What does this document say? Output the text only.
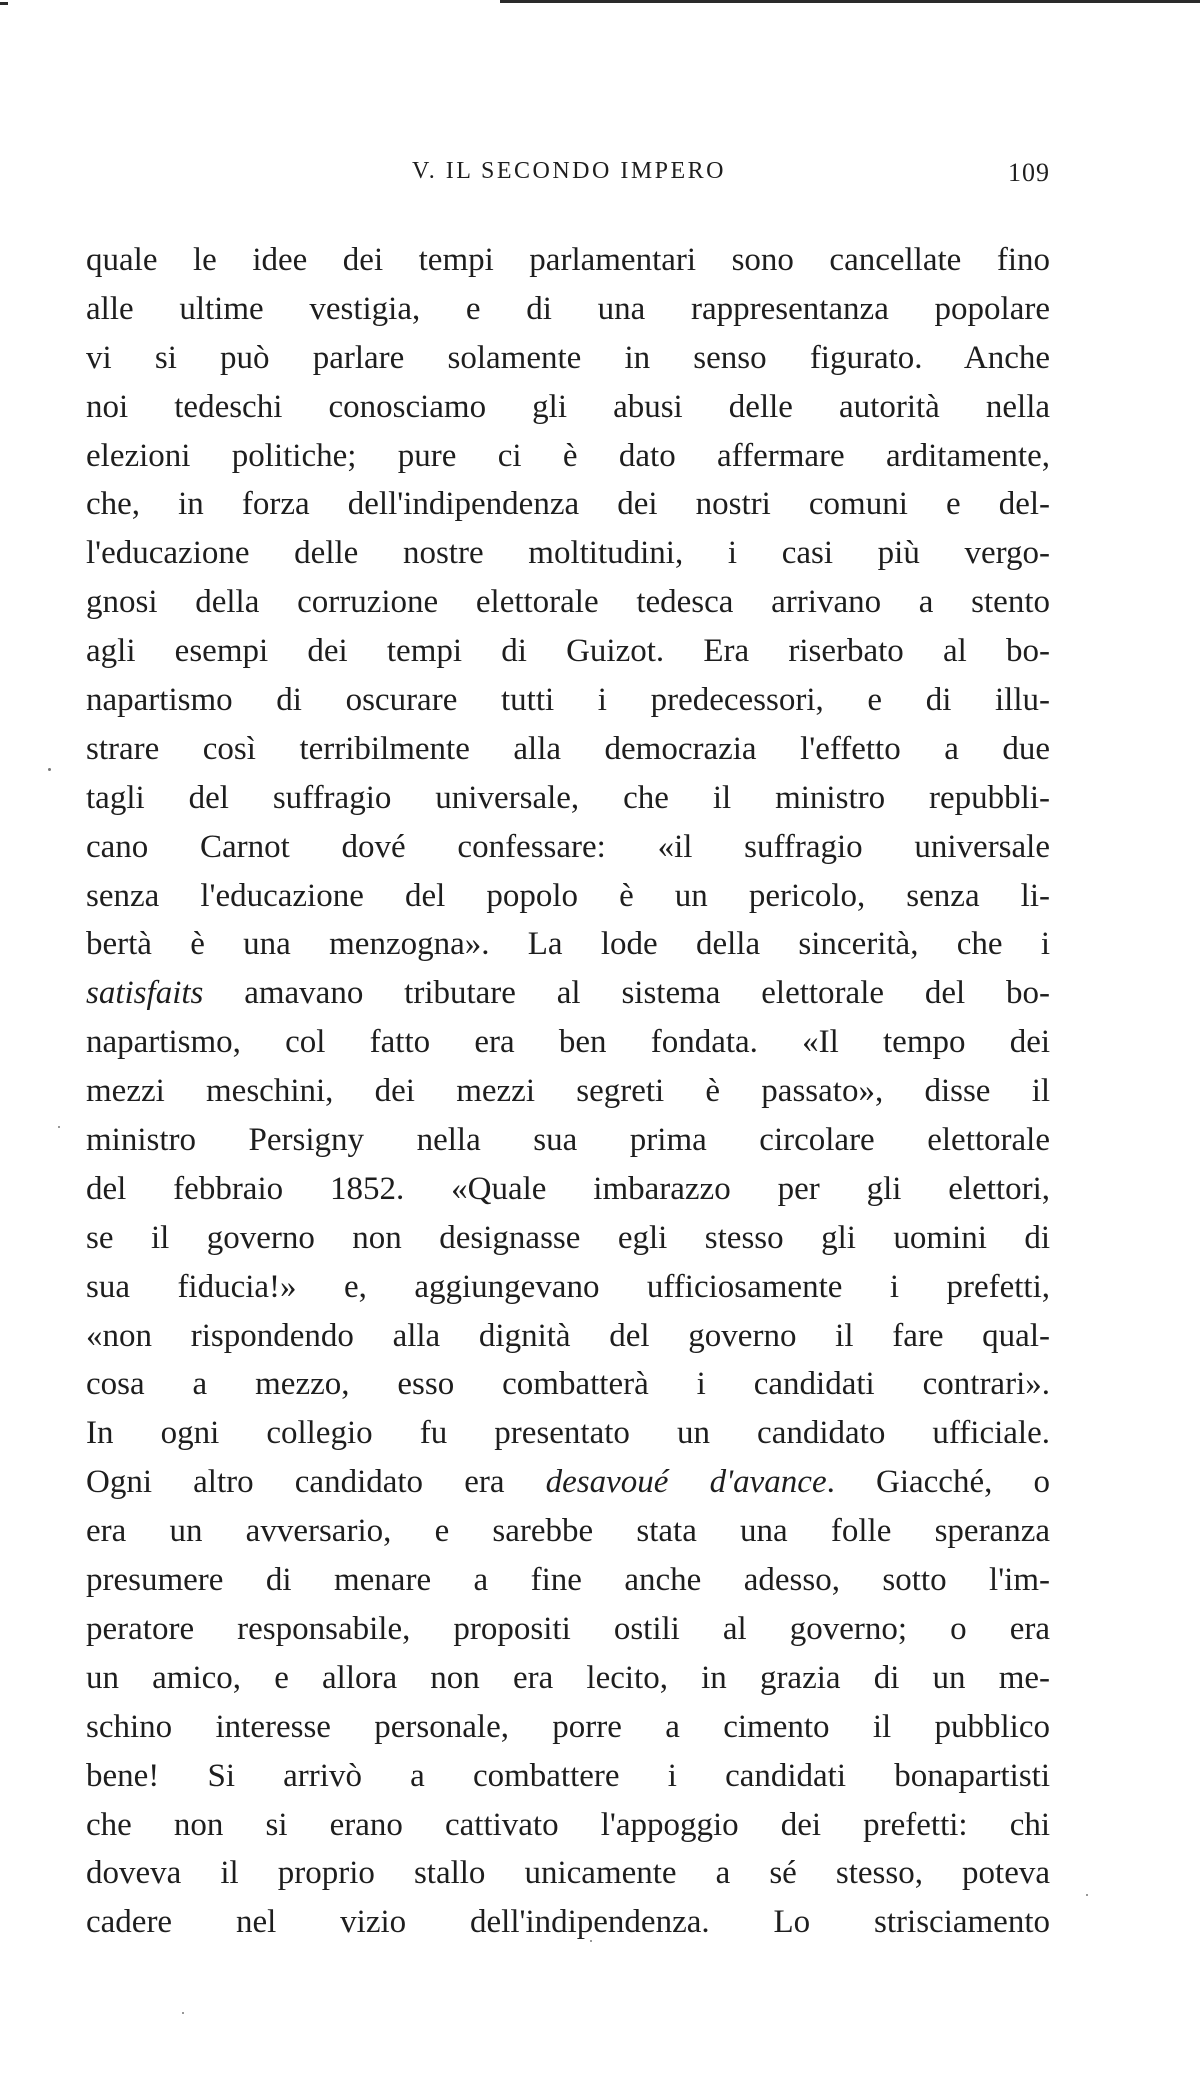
V. IL SECONDO IMPERO	109
quale le idee dei tempi parlamentari sono cancellate fino
alle ultime vestigia, e di una rappresentanza popolare
vi si può parlare solamente in senso figurato. Anche
noi tedeschi conosciamo gli abusi delle autorità nella
elezioni politiche; pure ci è dato affermare arditamente,
che, in forza dell'indipendenza dei nostri comuni e del-
l'educazione delle nostre moltitudini, i casi più vergo-
gnosi della corruzione elettorale tedesca arrivano a stento
agli esempi dei tempi di Guizot. Era riserbato al bo-
napartismo di oscurare tutti i predecessori, e di illu-
strare così terribilmente alla democrazia l'effetto a due
tagli del suffragio universale, che il ministro repubbli-
cano Carnot dové confessare: «il suffragio universale
senza l'educazione del popolo è un pericolo, senza li-
bertà è una menzogna». La lode della sincerità, che i
satisfaits amavano tributare al sistema elettorale del bo-
napartismo, col fatto era ben fondata. «Il tempo dei
mezzi meschini, dei mezzi segreti è passato», disse il
ministro Persigny nella sua prima circolare elettorale
del febbraio 1852. «Quale imbarazzo per gli elettori,
se il governo non designasse egli stesso gli uomini di
sua fiducia!» e, aggiungevano ufficiosamente i prefetti,
«non rispondendo alla dignità del governo il fare qual-
cosa a mezzo, esso combatterà i candidati contrari».
In ogni collegio fu presentato un candidato ufficiale.
Ogni altro candidato era desavoué d'avance. Giacché, o
era un avversario, e sarebbe stata una folle speranza
presumere di menare a fine anche adesso, sotto l'im-
peratore responsabile, propositi ostili al governo; o era
un amico, e allora non era lecito, in grazia di un me-
schino interesse personale, porre a cimento il pubblico
bene! Si arrivò a combattere i candidati bonapartisti
che non si erano cattivato l'appoggio dei prefetti: chi
doveva il proprio stallo unicamente a sé stesso, poteva
cadere nel vizio dell'indipendenza. Lo strisciamento
